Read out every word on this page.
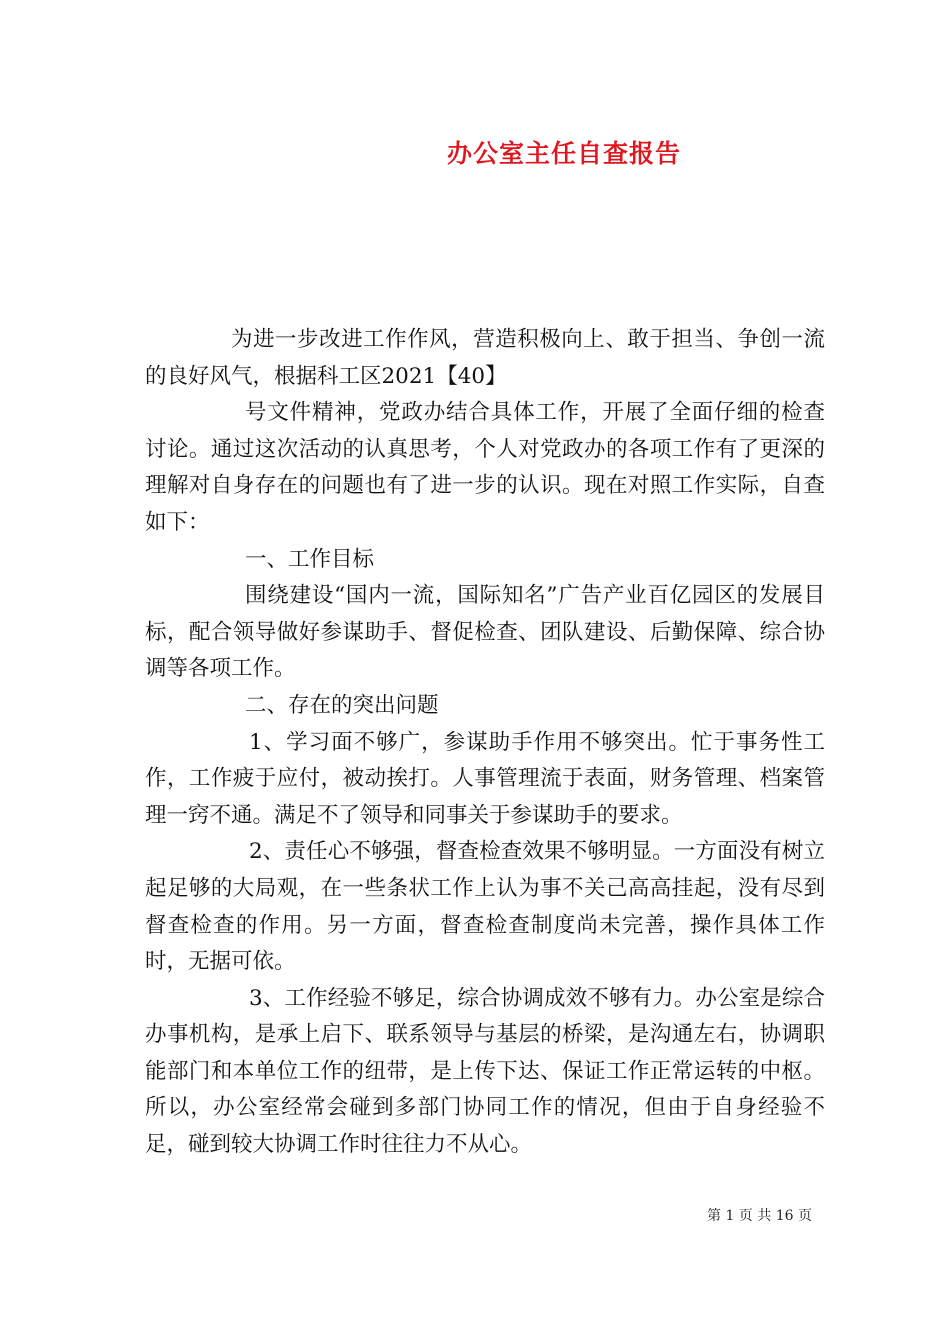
办公室主任自查报告

为进一步改进工作作风，营造积极向上、敢于担当、争创一流的良好风气，根据科工区2021【40】

号文件精神，党政办结合具体工作，开展了全面仔细的检查讨论。通过这次活动的认真思考，个人对党政办的各项工作有了更深的理解对自身存在的问题也有了进一步的认识。现在对照工作实际，自查如下：

一、工作目标

围绕建设“国内一流，国际知名”广告产业百亿园区的发展目标，配合领导做好参谋助手、督促检查、团队建设、后勤保障、综合协调等各项工作。

二、存在的突出问题

1、学习面不够广，参谋助手作用不够突出。忙于事务性工作，工作疲于应付，被动挨打。人事管理流于表面，财务管理、档案管理一窍不通。满足不了领导和同事关于参谋助手的要求。

2、责任心不够强，督查检查效果不够明显。一方面没有树立起足够的大局观，在一些条状工作上认为事不关己高高挂起，没有尽到督查检查的作用。另一方面，督查检查制度尚未完善，操作具体工作时，无据可依。

3、工作经验不够足，综合协调成效不够有力。办公室是综合办事机构，是承上启下、联系领导与基层的桥梁，是沟通左右，协调职能部门和本单位工作的纽带，是上传下达、保证工作正常运转的中枢。所以，办公室经常会碰到多部门协同工作的情况，但由于自身经验不足，碰到较大协调工作时往往力不从心。

第 1 页 共 16 页
